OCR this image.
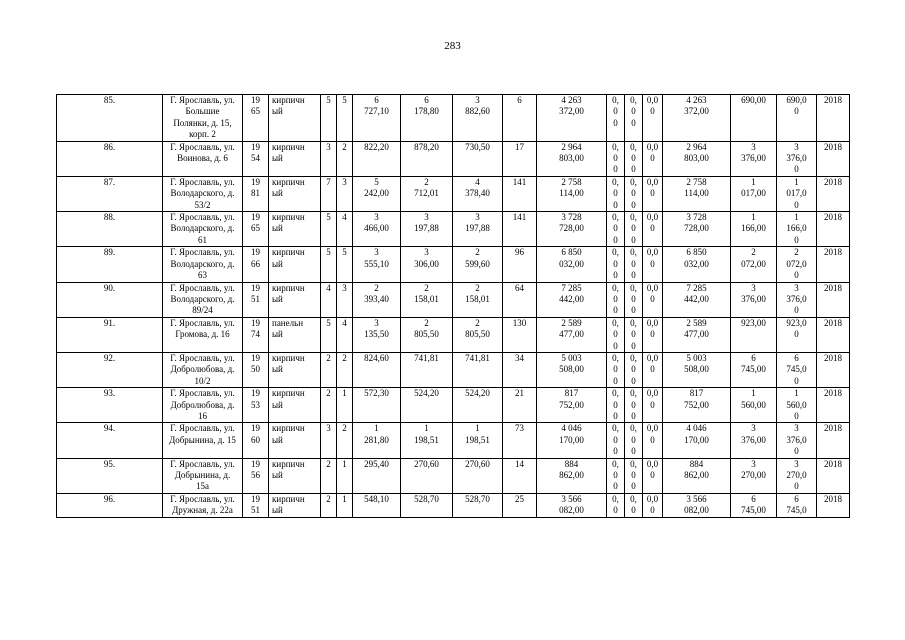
283
85.	Г. Ярославль, ул.
Большие
Полянки, д. 15,
корп. 2	19
65	кирпичн
ый	5	5	6
727,10	6
178,80	3
882,60	6	4 263
372,00	0,
0
0	0,
0
0	0,0
0	4 263
372,00	690,00	690,0
0	2018
86.	Г. Ярославль, ул.
Воинова, д. 6	19
54	кирпичн
ый	3	2	822,20	878,20	730,50	17	2 964
803,00	0,
0
0	0,
0
0	0,0
0	2 964
803,00	3
376,00	3
376,0
0	2018
87.	Г. Ярославль, ул.
Володарского, д.
53/2	19
81	кирпичн
ый	7	3	5
242,00	2
712,01	4
378,40	141	2 758
114,00	0,
0
0	0,
0
0	0,0
0	2 758
114,00	1
017,00	1
017,0
0	2018
88.	Г. Ярославль, ул.
Володарского, д.
61	19
65	кирпичн
ый	5	4	3
466,00	3
197,88	3
197,88	141	3 728
728,00	0,
0
0	0,
0
0	0,0
0	3 728
728,00	1
166,00	1
166,0
0	2018
89.	Г. Ярославль, ул.
Володарского, д.
63	19
66	кирпичн
ый	5	5	3
555,10	3
306,00	2
599,60	96	6 850
032,00	0,
0
0	0,
0
0	0,0
0	6 850
032,00	2
072,00	2
072,0
0	2018
90.	Г. Ярославль, ул.
Володарского, д.
89/24	19
51	кирпичн
ый	4	3	2
393,40	2
158,01	2
158,01	64	7 285
442,00	0,
0
0	0,
0
0	0,0
0	7 285
442,00	3
376,00	3
376,0
0	2018
91.	Г. Ярославль, ул.
Громова, д. 16	19
74	панельн
ый	5	4	3
135,50	2
805,50	2
805,50	130	2 589
477,00	0,
0
0	0,
0
0	0,0
0	2 589
477,00	923,00	923,0
0	2018
92.	Г. Ярославль, ул.
Добролюбова, д.
10/2	19
50	кирпичн
ый	2	2	824,60	741,81	741,81	34	5 003
508,00	0,
0
0	0,
0
0	0,0
0	5 003
508,00	6
745,00	6
745,0
0	2018
93.	Г. Ярославль, ул.
Добролюбова, д.
16	19
53	кирпичн
ый	2	1	572,30	524,20	524,20	21	817
752,00	0,
0
0	0,
0
0	0,0
0	817
752,00	1
560,00	1
560,0
0	2018
94.	Г. Ярославль, ул.
Добрынина, д. 15	19
60	кирпичн
ый	3	2	1
281,80	1
198,51	1
198,51	73	4 046
170,00	0,
0
0	0,
0
0	0,0
0	4 046
170,00	3
376,00	3
376,0
0	2018
95.	Г. Ярославль, ул.
Добрынина, д.
15а	19
56	кирпичн
ый	2	1	295,40	270,60	270,60	14	884
862,00	0,
0
0	0,
0
0	0,0
0	884
862,00	3
270,00	3
270,0
0	2018
96.	Г. Ярославль, ул.
Дружная, д. 22а	19
51	кирпичн
ый	2	1	548,10	528,70	528,70	25	3 566
082,00	0,
0	0,
0	0,0
0	3 566
082,00	6
745,00	6
745,0	2018
